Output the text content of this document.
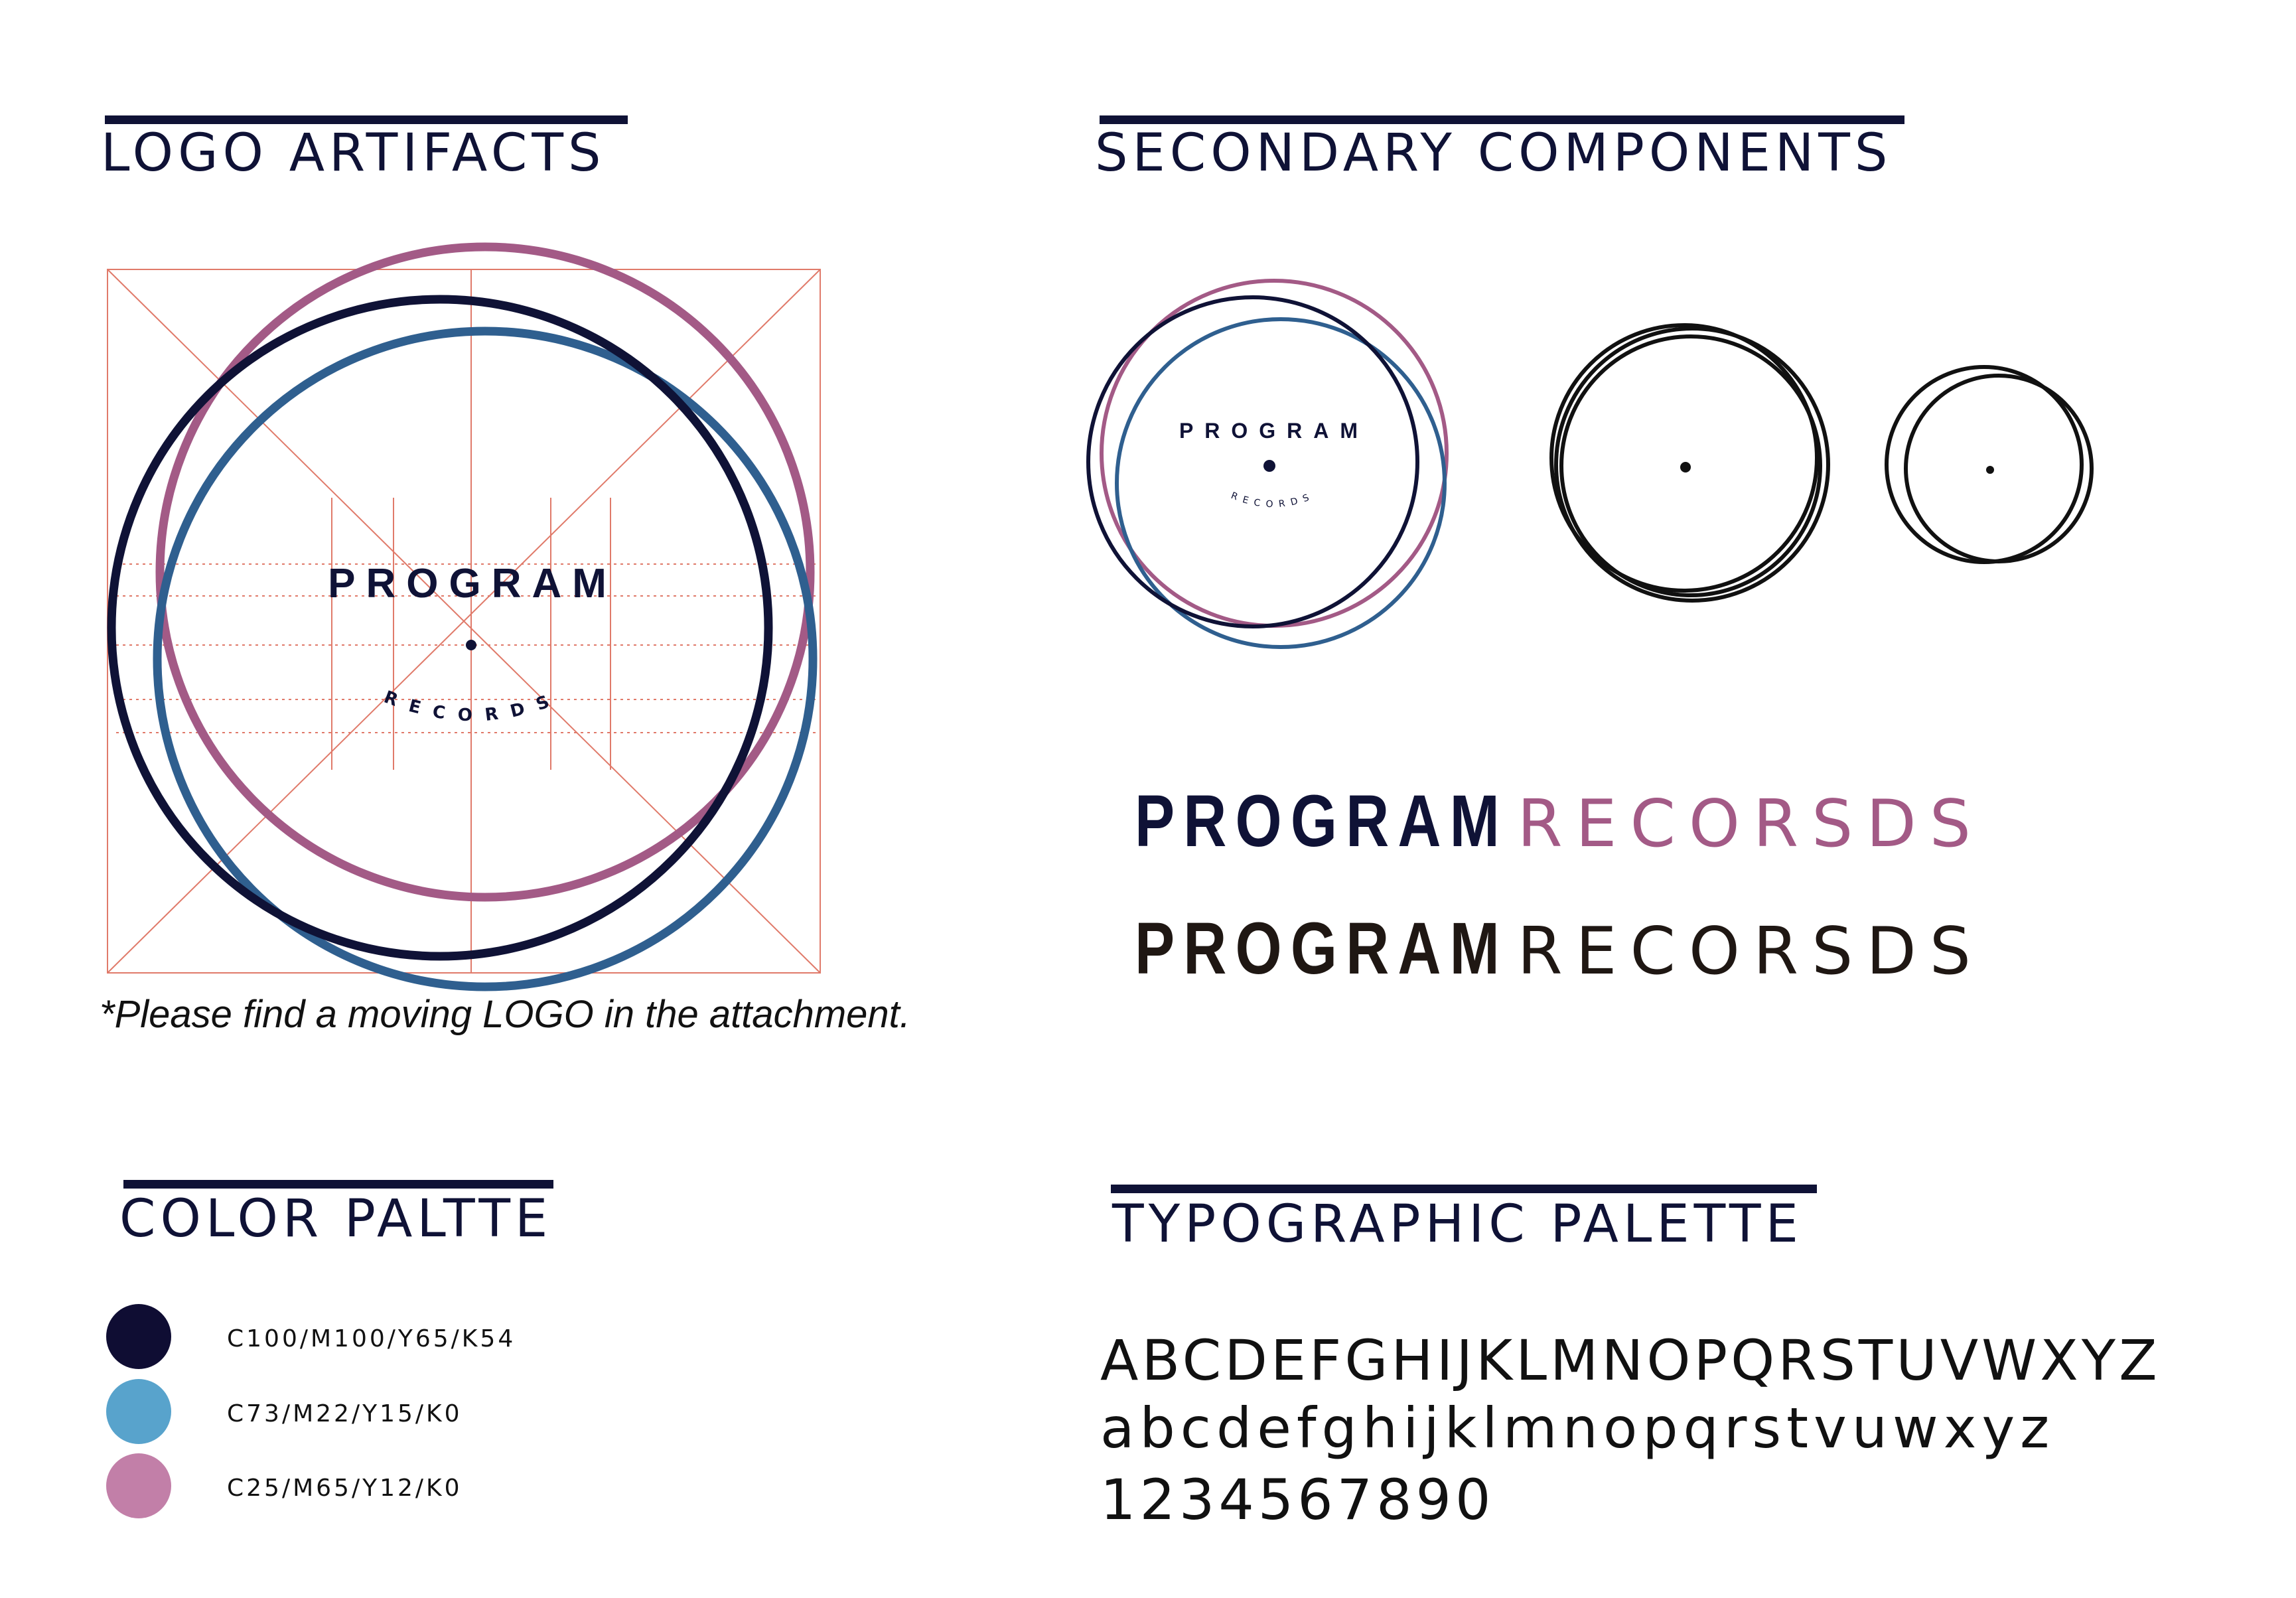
LOGO ARTIFACTS
PROGRAM
RECORDS
PROGRAM
RECORDS
*Please find a moving LOGO in the attachment.
SECONDARY COMPONENTS
PROGRAM RECORSDS
PROGRAM RECORSDS
COLOR PALTTE
C100/M100/Y65/K54
C73/M22/Y15/K0
C25/M65/Y12/K0
TYPOGRAPHIC PALETTE
ABCDEFGHIJKLMNOPQRSTUVWXYZ
abcdefghijklmnopqrstvuwxyz
1234567890
